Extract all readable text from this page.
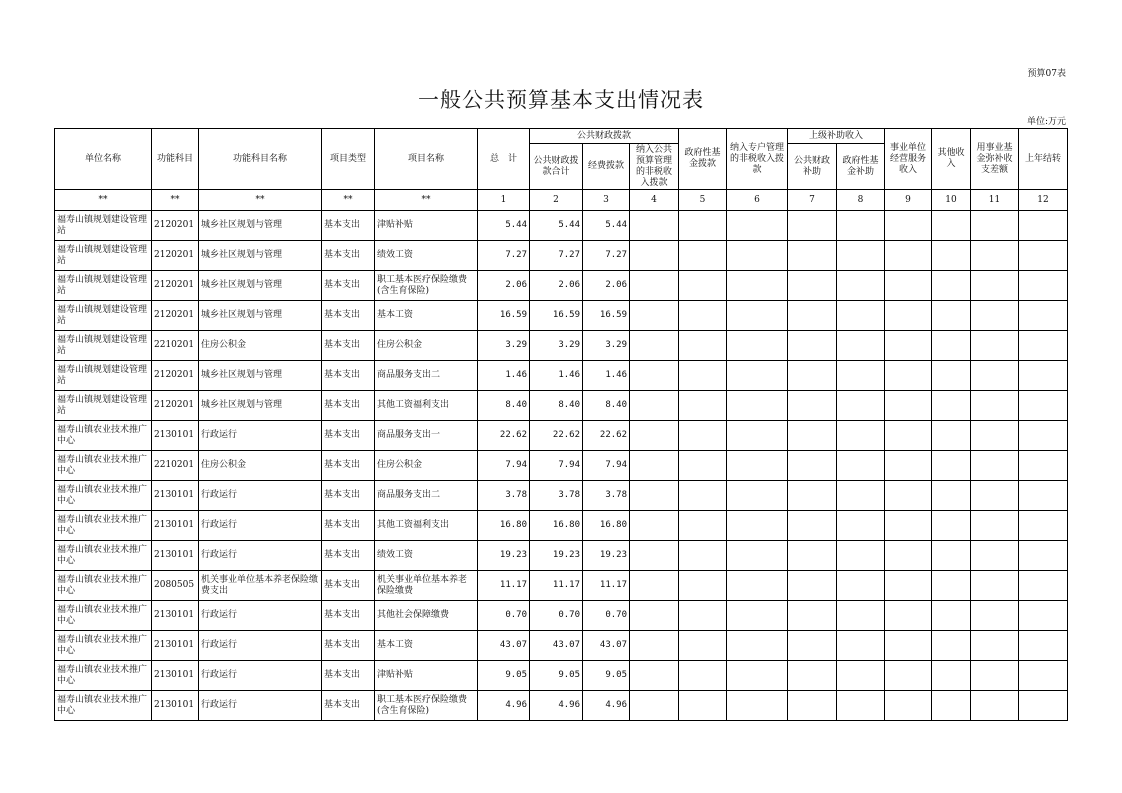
预算07表
一般公共预算基本支出情况表
单位:万元
单位名称	功能科目	功能科目名称	项目类型	项目名称	总　计	公共财政拨款			政府性基金拨款	纳入专户管理的非税收入拨款	上级补助收入		事业单位经营服务收入	其他收入	用事业基金弥补收支差额	上年结转
						公共财政拨款合计	经费拨款	纳入公共预算管理的非税收入拨款			公共财政补助	政府性基金补助				
**	**	**	**	**	1	2	3	4	5	6	7	8	9	10	11	12
福寿山镇规划建设管理站	2120201	城乡社区规划与管理	基本支出	津贴补贴	5.44	5.44	5.44									
福寿山镇规划建设管理站	2120201	城乡社区规划与管理	基本支出	绩效工资	7.27	7.27	7.27									
福寿山镇规划建设管理站	2120201	城乡社区规划与管理	基本支出	职工基本医疗保险缴费(含生育保险)	2.06	2.06	2.06									
福寿山镇规划建设管理站	2120201	城乡社区规划与管理	基本支出	基本工资	16.59	16.59	16.59									
福寿山镇规划建设管理站	2210201	住房公积金	基本支出	住房公积金	3.29	3.29	3.29									
福寿山镇规划建设管理站	2120201	城乡社区规划与管理	基本支出	商品服务支出二	1.46	1.46	1.46									
福寿山镇规划建设管理站	2120201	城乡社区规划与管理	基本支出	其他工资福利支出	8.40	8.40	8.40									
福寿山镇农业技术推广中心	2130101	行政运行	基本支出	商品服务支出一	22.62	22.62	22.62									
福寿山镇农业技术推广中心	2210201	住房公积金	基本支出	住房公积金	7.94	7.94	7.94									
福寿山镇农业技术推广中心	2130101	行政运行	基本支出	商品服务支出二	3.78	3.78	3.78									
福寿山镇农业技术推广中心	2130101	行政运行	基本支出	其他工资福利支出	16.80	16.80	16.80									
福寿山镇农业技术推广中心	2130101	行政运行	基本支出	绩效工资	19.23	19.23	19.23									
福寿山镇农业技术推广中心	2080505	机关事业单位基本养老保险缴费支出	基本支出	机关事业单位基本养老保险缴费	11.17	11.17	11.17									
福寿山镇农业技术推广中心	2130101	行政运行	基本支出	其他社会保障缴费	0.70	0.70	0.70									
福寿山镇农业技术推广中心	2130101	行政运行	基本支出	基本工资	43.07	43.07	43.07									
福寿山镇农业技术推广中心	2130101	行政运行	基本支出	津贴补贴	9.05	9.05	9.05									
福寿山镇农业技术推广中心	2130101	行政运行	基本支出	职工基本医疗保险缴费(含生育保险)	4.96	4.96	4.96									
